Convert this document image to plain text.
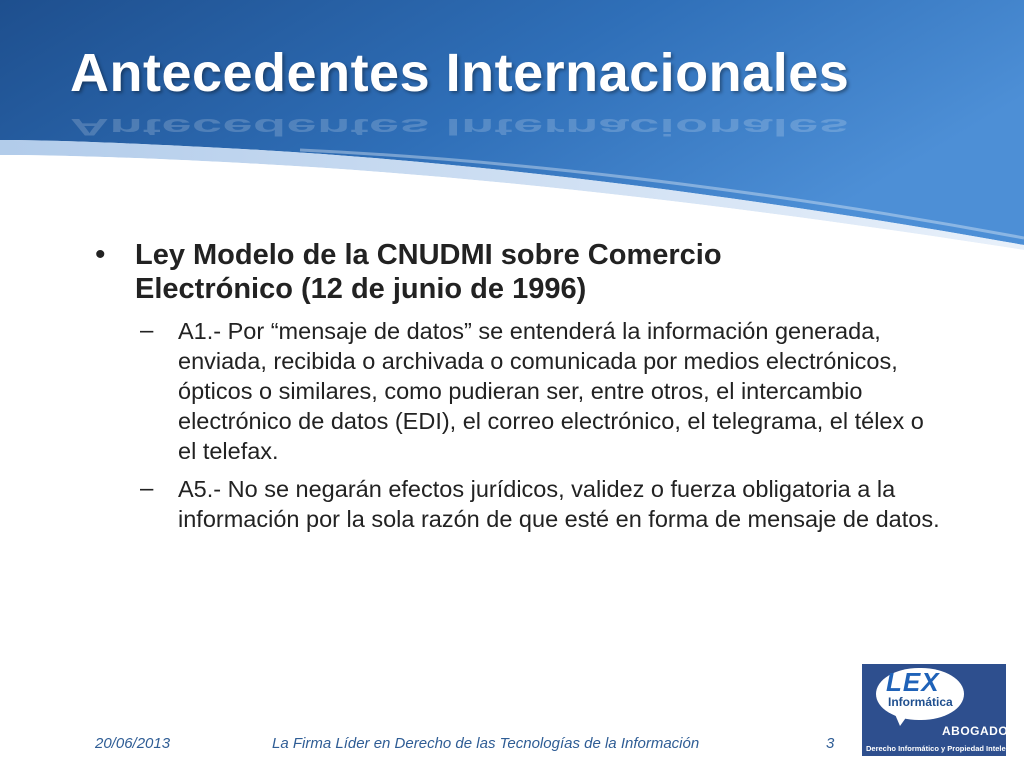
Antecedentes Internacionales
Antecedentes Internacionales
•	Ley Modelo de la CNUDMI sobre Comercio Electrónico (12 de junio de 1996)
–	A1.- Por “mensaje de datos” se entenderá la información generada, enviada, recibida o archivada o comunicada por medios electrónicos, ópticos o similares, como pudieran ser, entre otros, el intercambio electrónico de datos (EDI), el correo electrónico, el telegrama, el télex o el telefax.
–	A5.- No se negarán efectos jurídicos, validez o fuerza obligatoria a la información por la sola razón de que esté en forma de mensaje de datos.
20/06/2013	La Firma Líder en Derecho de las Tecnologías de la Información	3
LEX
Informática
ABOGADOS
Derecho Informático y Propiedad Intelectual
